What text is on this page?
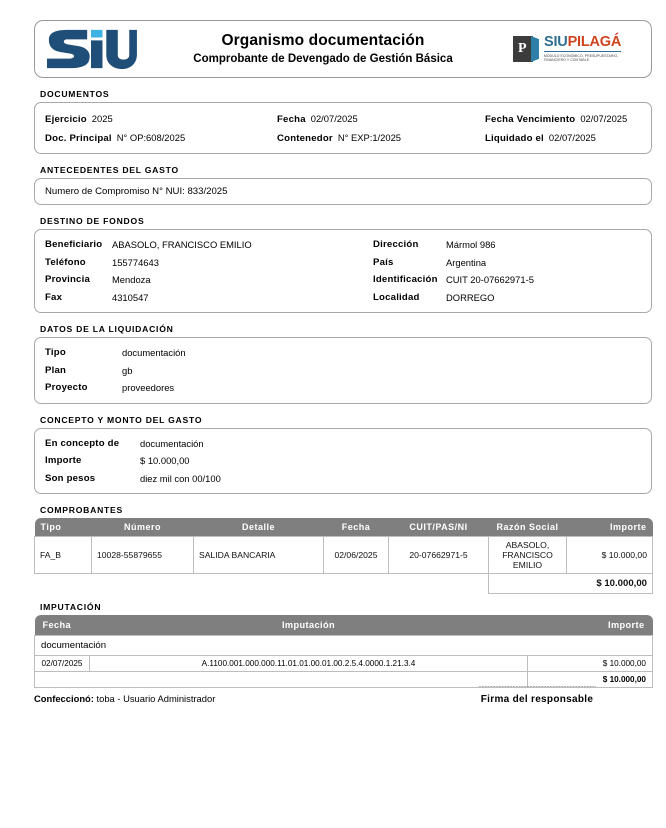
Organismo documentación
Comprobante de Devengado de Gestión Básica
P SIUPILAGÁ
MÓDULO ECONÓMICO, PRESUPUESTARIO,
FINANCIERO Y CONTABLE
DOCUMENTOS
Ejercicio 2025	Fecha 02/07/2025	Fecha Vencimiento 02/07/2025
Doc. Principal N° OP:608/2025	Contenedor N° EXP:1/2025	Liquidado el 02/07/2025
ANTECEDENTES DEL GASTO
Numero de Compromiso N° NUI: 833/2025
DESTINO DE FONDOS
Beneficiario	ABASOLO, FRANCISCO EMILIO	Dirección	Mármol 986
Teléfono	155774643	País	Argentina
Provincia	Mendoza	Identificación CUIT 20-07662971-5
Fax	4310547	Localidad	DORREGO
DATOS DE LA LIQUIDACIÓN
Tipo	documentación
Plan	gb
Proyecto	proveedores
CONCEPTO Y MONTO DEL GASTO
En concepto de	documentación
Importe	$ 10.000,00
Son pesos	diez mil con 00/100
COMPROBANTES
Tipo	Número	Detalle	Fecha	CUIT/PAS/NI	Razón Social	Importe
FA_B	10028-55879655	SALIDA BANCARIA	02/06/2025	20-07662971-5	ABASOLO, FRANCISCO EMILIO	$ 10.000,00
					$ 10.000,00	
IMPUTACIÓN
Fecha	Imputación	Importe
documentación		
02/07/2025	A.1100.001.000.000.11.01.01.00.01.00.2.5.4.0000.1.21.3.4	$ 10.000,00
		$ 10.000,00
Confeccionó: toba - Usuario Administrador
............................................................................
Firma del responsable
